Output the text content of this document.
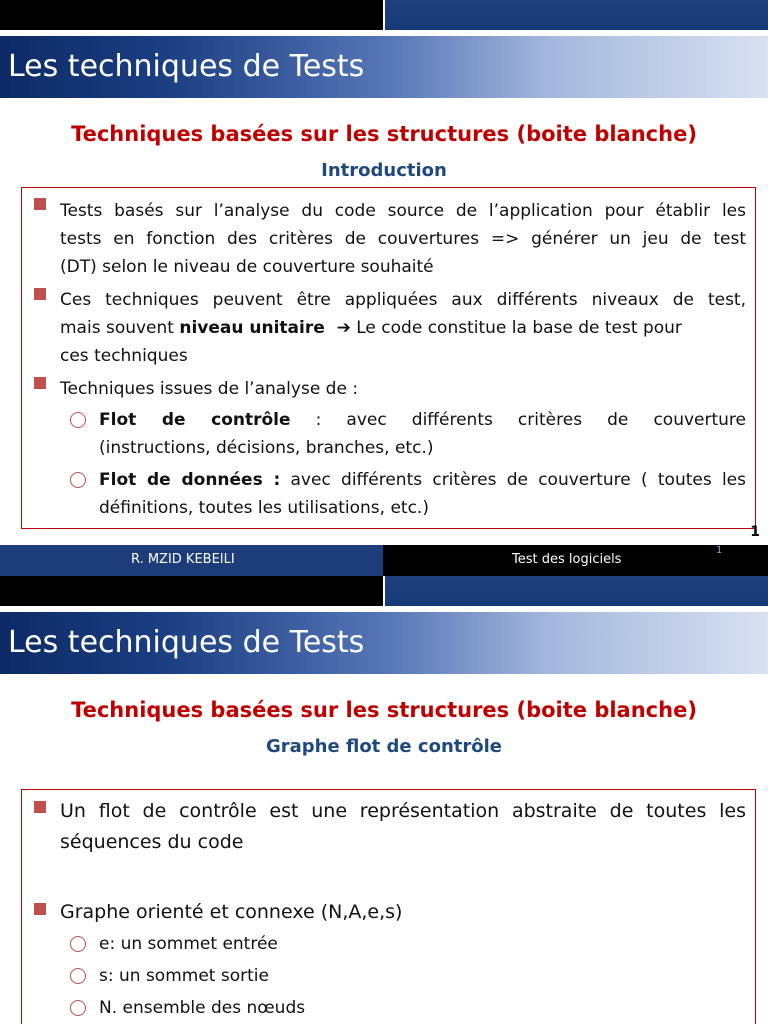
Les techniques de Tests
Techniques basées sur les structures (boite blanche)
Introduction
Tests basés sur l’analyse du code source de l’application pour établir les
tests en fonction des critères de couvertures => générer un jeu de test
(DT) selon le niveau de couverture souhaité
Ces techniques peuvent être appliquées aux différents niveaux de test,
mais souvent niveau unitaire ➔ Le code constitue la base de test pour
ces techniques
Techniques issues de l’analyse de :
Flot de contrôle : avec différents critères de couverture
(instructions, décisions, branches, etc.)
Flot de données : avec différents critères de couverture ( toutes les
définitions, toutes les utilisations, etc.)
1
R. MZID KEBEILI	Test des logiciels
1
Les techniques de Tests
Techniques basées sur les structures (boite blanche)
Graphe flot de contrôle
Un flot de contrôle est une représentation abstraite de toutes les
séquences du code
Graphe orienté et connexe (N,A,e,s)
e: un sommet entrée
s: un sommet sortie
N. ensemble des nœuds
